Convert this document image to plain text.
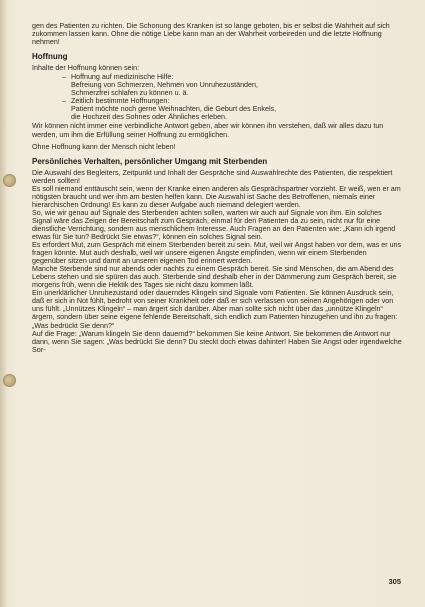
gen des Patienten zu richten. Die Schonung des Kranken ist so lange geboten, bis er selbst die Wahrheit auf sich zukommen lassen kann. Ohne die nötige Liebe kann man an der Wahrheit vorbeireden und die letzte Hoffnung nehmen!

Hoffnung

Inhalte der Hoffnung können sein:

– Hoffnung auf medizinische Hilfe:
Befreiung von Schmerzen, Nehmen von Unruhezuständen,
Schmerzfrei schlafen zu können u. ä.
– Zeitlich bestimmte Hoffnungen:
Patient möchte noch gerne Weihnachten, die Geburt des Enkels,
die Hochzeit des Sohnes oder Ähnliches erleben.

Wir können nicht immer eine verbindliche Antwort geben, aber wir können ihn verstehen, daß wir alles dazu tun werden, um ihm die Erfüllung seiner Hoffnung zu ermöglichen.

Ohne Hoffnung kann der Mensch nicht leben!

Persönliches Verhalten, persönlicher Umgang mit Sterbenden

Die Auswahl des Begleiters, Zeitpunkt und Inhalt der Gespräche sind Auswahlrechte des Patienten, die respektiert werden sollten!

Es soll niemand enttäuscht sein, wenn der Kranke einen anderen als Gesprächspartner vorzieht. Er weiß, wen er am nötigsten braucht und wer ihm am besten helfen kann. Die Auswahl ist Sache des Betroffenen, niemals einer hierarchischen Ordnung! Es kann zu dieser Aufgabe auch niemand delegiert werden.

So, wie wir genau auf Signale des Sterbenden achten sollen, warten wir auch auf Signale von ihm. Ein solches Signal wäre das Zeigen der Bereitschaft zum Gespräch, einmal für den Patienten da zu sein, nicht nur für eine dienstliche Verrichtung, sondern aus menschlichem Interesse. Auch Fragen an den Patienten wie: „Kann ich irgend etwas für Sie tun? Bedrückt Sie etwas?“, können ein solches Signal sein.

Es erfordert Mut, zum Gespräch mit einem Sterbenden bereit zu sein. Mut, weil wir Angst haben vor dem, was er uns fragen könnte. Mut auch deshalb, weil wir unsere eigenen Ängste empfinden, wenn wir einem Sterbenden gegenüber sitzen und damit an unseren eigenen Tod erinnert werden.

Manche Sterbende sind nur abends oder nachts zu einem Gespräch bereit. Sie sind Menschen, die am Abend des Lebens stehen und sie spüren das auch. Sterbende sind deshalb eher in der Dämmerung zum Gespräch bereit, sie morgens früh, wenn die Hektik des Tages sie nicht dazu kommen läßt.

Ein unerklärlicher Unruhezustand oder dauerndes Klingeln sind Signale vom Patienten. Sie können Ausdruck sein, daß er sich in Not fühlt, bedroht von seiner Krankheit oder daß er sich verlassen von seinen Angehörigen oder von uns fühlt. „Unnützes Klingeln“ – man ärgert sich darüber. Aber man sollte sich nicht über das „unnütze Klingeln“ ärgern, sondern über seine eigene fehlende Bereitschaft, sich endlich zum Patienten hinzugehen und ihn zu fragen: „Was bedrückt Sie denn?“

Auf die Frage: „Warum klingeln Sie denn dauernd?“ bekommen Sie keine Antwort. Sie bekommen die Antwort nur dann, wenn Sie sagen: „Was bedrückt Sie denn? Du steckt doch etwas dahinter! Haben Sie Angst oder irgendwelche Sor-

305
